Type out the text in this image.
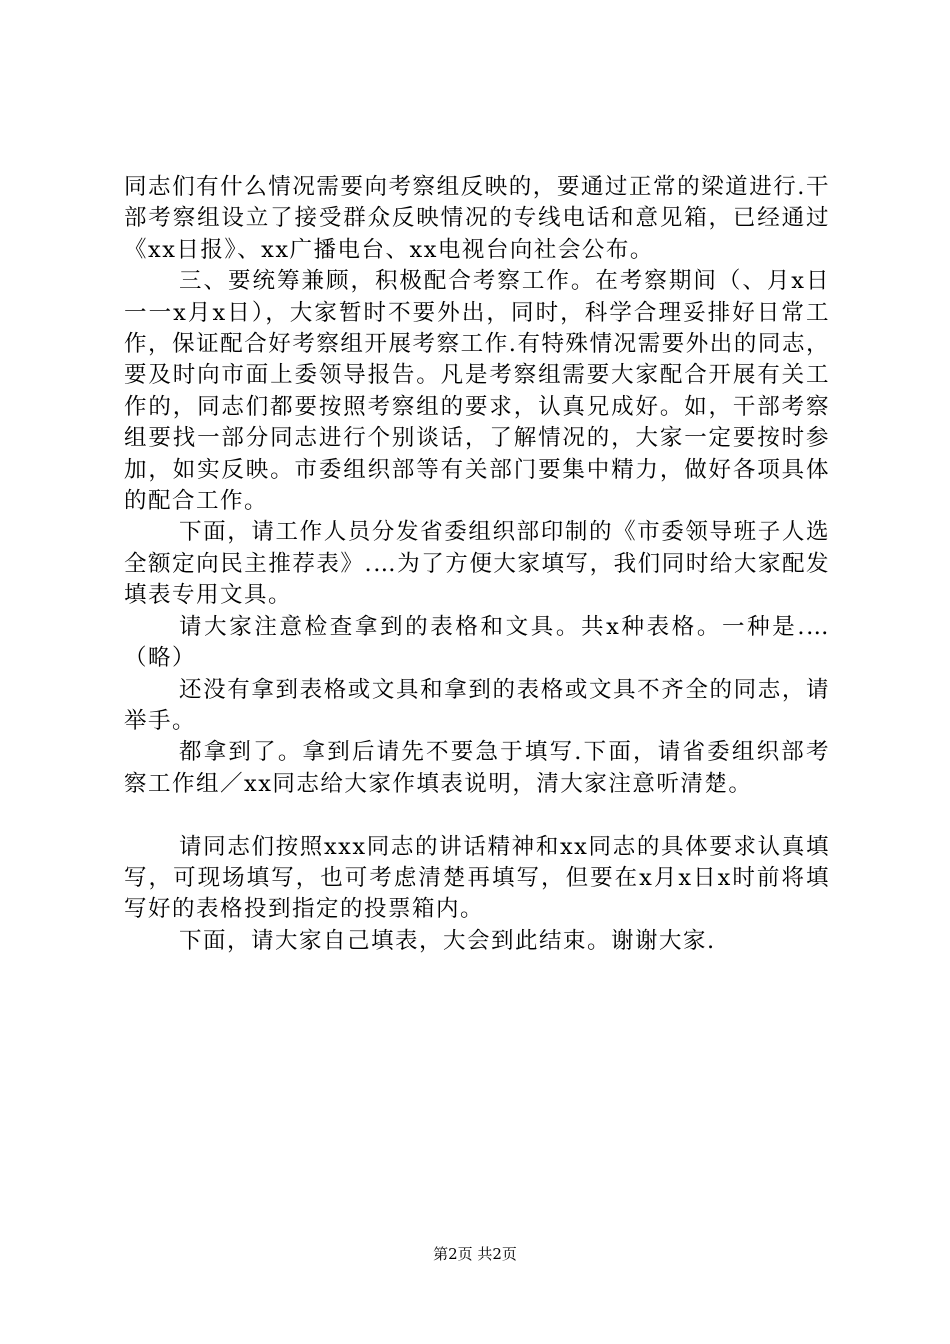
同志们有什么情况需要向考察组反映的，要通过正常的梁道进行.干部考察组设立了接受群众反映情况的专线电话和意见箱，已经通过《xx日报》、xx广播电台、xx电视台向社会公布。

三、要统筹兼顾，积极配合考察工作。在考察期间（、月x日一一x月x日），大家暂时不要外出，同时，科学合理妥排好日常工作，保证配合好考察组开展考察工作.有特殊情况需要外出的同志，要及时向市面上委领导报告。凡是考察组需要大家配合开展有关工作的，同志们都要按照考察组的要求，认真兄成好。如，干部考察组要找一部分同志进行个别谈话，了解情况的，大家一定要按时参加，如实反映。市委组织部等有关部门要集中精力，做好各项具体的配合工作。

下面，请工作人员分发省委组织部印制的《市委领导班子人选全额定向民主推荐表》.…为了方便大家填写，我们同时给大家配发填表专用文具。

请大家注意检查拿到的表格和文具。共x种表格。一种是.…（略）

还没有拿到表格或文具和拿到的表格或文具不齐全的同志，请举手。

都拿到了。拿到后请先不要急于填写.下面，请省委组织部考察工作组／xx同志给大家作填表说明，清大家注意听清楚。

请同志们按照xxx同志的讲话精神和xx同志的具体要求认真填写，可现场填写，也可考虑清楚再填写，但要在x月x日x时前将填写好的表格投到指定的投票箱内。

下面，请大家自己填表，大会到此结束。谢谢大家.

第2页 共2页
